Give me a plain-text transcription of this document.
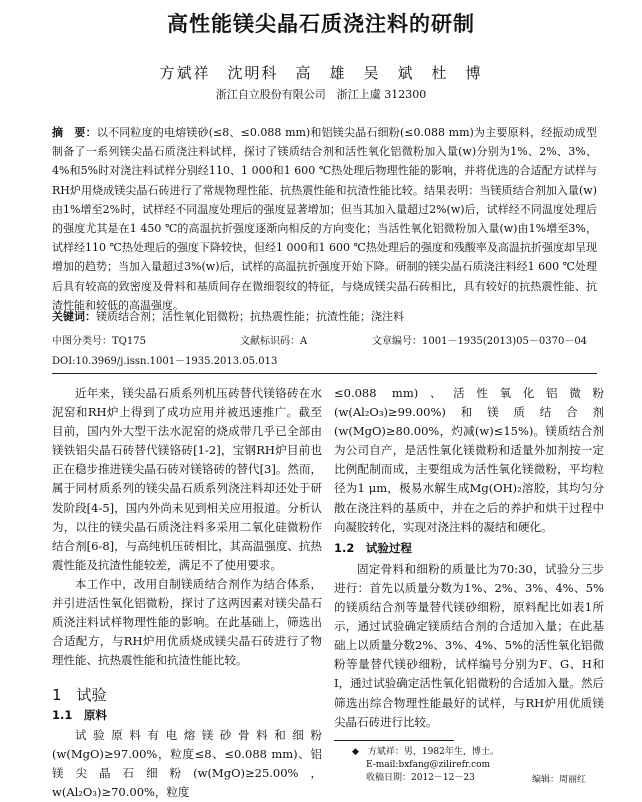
高性能镁尖晶石质浇注料的研制
方斌祥　沈明科　高　雄　吴　斌　杜　博
浙江自立股份有限公司　浙江上虞 312300
摘　要：以不同粒度的电熔镁砂(≤8、≤0.088 mm)和铝镁尖晶石细粉(≤0.088 mm)为主要原料，经振动成型制备了一系列镁尖晶石质浇注料试样，探讨了镁质结合剂和活性氧化铝微粉加入量(w)分别为1%、2%、3%、4%和5%时对浇注料试样分别经110、1 000和1 600 ℃热处理后物理性能的影响，并将优选的合适配方试样与RH炉用烧成镁尖晶石砖进行了常规物理性能、抗热震性能和抗渣性能比较。结果表明：当镁质结合剂加入量(w)由1%增至2%时，试样经不同温度处理后的强度显著增加；但当其加入量超过2%(w)后，试样经不同温度处理后的强度尤其是在1 450 ℃的高温抗折强度逐渐向相反的方向变化；当活性氧化铝微粉加入量(w)由1%增至3%，试样经110 ℃热处理后的强度下降较快，但经1 000和1 600 ℃热处理后的强度和残酸率及高温抗折强度却呈现增加的趋势；当加入量超过3%(w)后，试样的高温抗折强度开始下降。研制的镁尖晶石质浇注料经1 600 ℃处理后具有较高的致密度及骨料和基质间存在微细裂纹的特征，与烧成镁尖晶石砖相比，具有较好的抗热震性能、抗渣性能和较低的高温强度。
关键词：镁质结合剂；活性氧化铝微粉；抗热震性能；抗渣性能；浇注料
中图分类号：TQ175	文献标识码：A	文章编号：1001－1935(2013)05－0370－04
DOI:10.3969/j.issn.1001－1935.2013.05.013

近年来，镁尖晶石质系列机压砖替代镁铬砖在水泥窑和RH炉上得到了成功应用并被迅速推广。截至目前，国内外大型干法水泥窑的烧成带几乎已全部由镁铁铝尖晶石砖替代镁铬砖[1-2]，宝钢RH炉目前也正在稳步推进镁尖晶石砖对镁铬砖的替代[3]。然而，属于同材质系列的镁尖晶石质系列浇注料却还处于研发阶段[4-5]，国内外尚未见到相关应用报道。分析认为，以往的镁尖晶石质浇注料多采用二氧化硅微粉作结合剂[6-8]，与高纯机压砖相比，其高温强度、抗热震性能及抗渣性能较差，满足不了使用要求。

本工作中，改用自制镁质结合剂作为结合体系，并引进活性氧化铝微粉，探讨了这两因素对镁尖晶石质浇注料试样物理性能的影响。在此基础上，筛选出合适配方，与RH炉用优质烧成镁尖晶石砖进行了物理性能、抗热震性能和抗渣性能比较。

1　试验
1.1　原料

试验原料有电熔镁砂骨料和细粉(w(MgO)≥97.00%，粒度≤8、≤0.088 mm)、铝镁尖晶石细粉(w(MgO)≥25.00%，w(Al₂O₃)≥70.00%，粒度

≤0.088 mm)、活性氧化铝微粉(w(Al₂O₃)≥99.00%)和镁质结合剂(w(MgO)≥80.00%，灼减(w)≤15%)。镁质结合剂为公司自产，是活性氧化镁微粉和适量外加剂按一定比例配制而成，主要组成为活性氧化镁微粉，平均粒径为1 μm，极易水解生成Mg(OH)₂溶胶，其均匀分散在浇注料的基质中，并在之后的养护和烘干过程中向凝胶转化，实现对浇注料的凝结和硬化。

1.2　试验过程

固定骨料和细粉的质量比为70:30，试验分三步进行：首先以质量分数为1%、2%、3%、4%、5%的镁质结合剂等量替代镁砂细粉，原料配比如表1所示，通过试验确定镁质结合剂的合适加入量；在此基础上以质量分数2%、3%、4%、5%的活性氧化铝微粉等量替代镁砂细粉，试样编号分别为F、G、H和I，通过试验确定活性氧化铝微粉的合适加入量。然后筛选出综合物理性能最好的试样，与RH炉用优质镁尖晶石砖进行比较。

◆　方斌祥：男，1982年生，博士。
E-mail:bxfang@zilirefr.com
收稿日期：2012－12－23	编辑：周丽红
